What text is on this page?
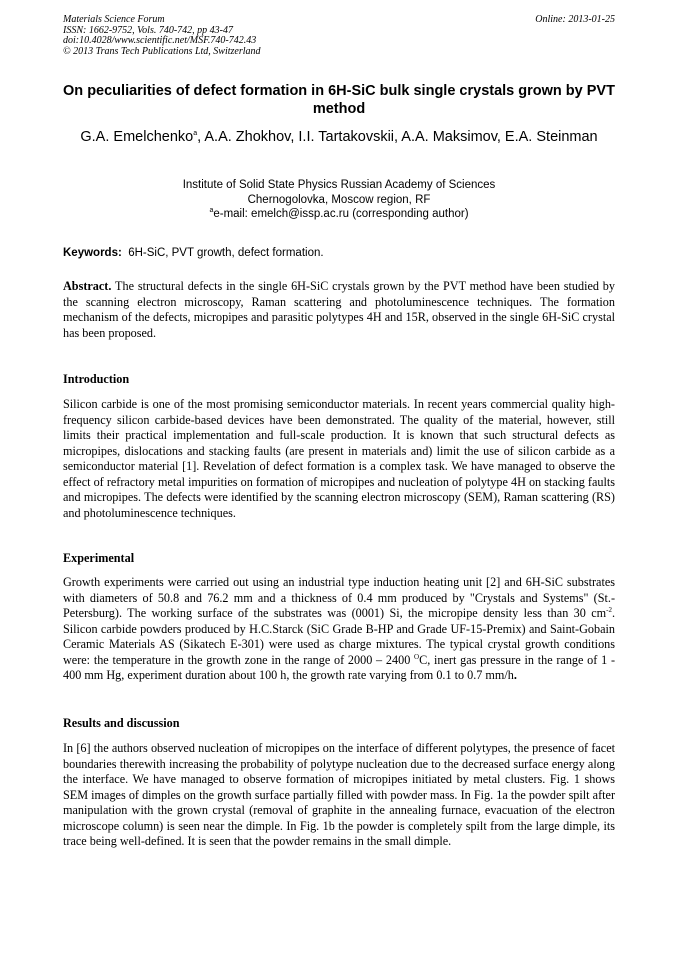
Materials Science Forum
ISSN: 1662-9752, Vols. 740-742, pp 43-47
doi:10.4028/www.scientific.net/MSF.740-742.43
© 2013 Trans Tech Publications Ltd, Switzerland
Online: 2013-01-25
On peculiarities of defect formation in 6H-SiC bulk single crystals grown by PVT method
G.A. Emelchenko$^a$, A.A. Zhokhov, I.I. Tartakovskii, A.A. Maksimov, E.A. Steinman
Institute of Solid State Physics Russian Academy of Sciences
Chernogolovka, Moscow region, RF
$^a$e-mail: emelch@issp.ac.ru (corresponding author)
Keywords: 6H-SiC, PVT growth, defect formation.
Abstract. The structural defects in the single 6H-SiC crystals grown by the PVT method have been studied by the scanning electron microscopy, Raman scattering and photoluminescence techniques. The formation mechanism of the defects, micropipes and parasitic polytypes 4H and 15R, observed in the single 6H-SiC crystal has been proposed.
Introduction
Silicon carbide is one of the most promising semiconductor materials. In recent years commercial quality high-frequency silicon carbide-based devices have been demonstrated. The quality of the material, however, still limits their practical implementation and full-scale production. It is known that such structural defects as micropipes, dislocations and stacking faults (are present in materials and) limit the use of silicon carbide as a semiconductor material [1]. Revelation of defect formation is a complex task. We have managed to observe the effect of refractory metal impurities on formation of micropipes and nucleation of polytype 4H on stacking faults and micropipes. The defects were identified by the scanning electron microscopy (SEM), Raman scattering (RS) and photoluminescence techniques.
Experimental
Growth experiments were carried out using an industrial type induction heating unit [2] and 6H-SiC substrates with diameters of 50.8 and 76.2 mm and a thickness of 0.4 mm produced by "Crystals and Systems" (St.-Petersburg). The working surface of the substrates was (0001) Si, the micropipe density less than 30 $cm^{-2}$. Silicon carbide powders produced by H.C.Starck (SiC Grade B-HP and Grade UF-15-Premix) and Saint-Gobain Ceramic Materials AS (Sikatech E-301) were used as charge mixtures. The typical crystal growth conditions were: the temperature in the growth zone in the range of 2000 – 2400 $^O$C, inert gas pressure in the range of 1 - 400 mm Hg, experiment duration about 100 h, the growth rate varying from 0.1 to 0.7 mm/h.
Results and discussion
In [6] the authors observed nucleation of micropipes on the interface of different polytypes, the presence of facet boundaries therewith increasing the probability of polytype nucleation due to the decreased surface energy along the interface. We have managed to observe formation of micropipes initiated by metal clusters. Fig. 1 shows SEM images of dimples on the growth surface partially filled with powder mass. In Fig. 1a the powder spilt after manipulation with the grown crystal (removal of graphite in the annealing furnace, evacuation of the electron microscope column) is seen near the dimple. In Fig. 1b the powder is completely spilt from the large dimple, its trace being well-defined. It is seen that the powder remains in the small dimple.
